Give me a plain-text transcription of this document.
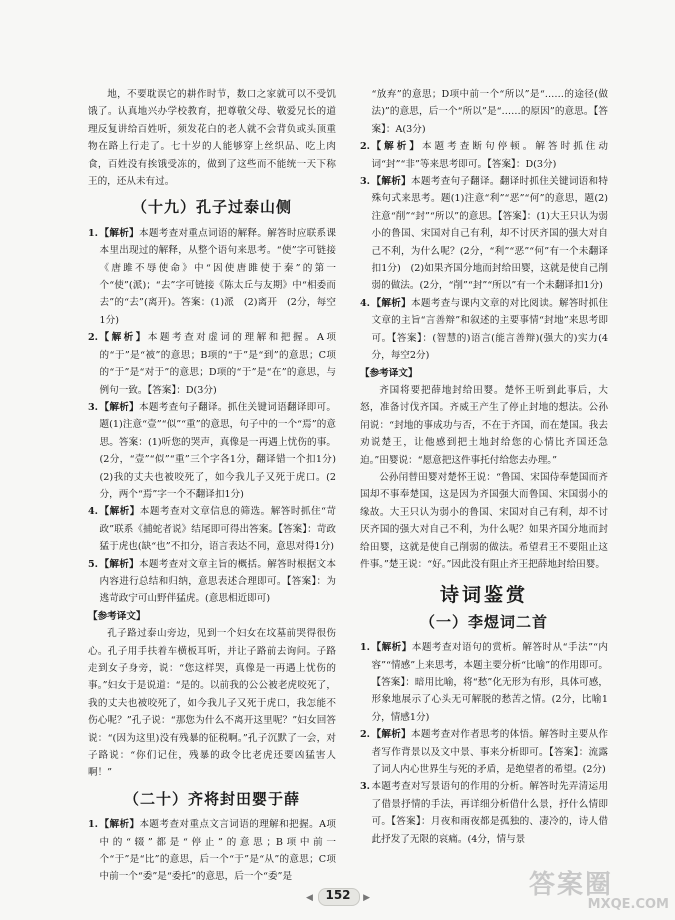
地，不要耽误它的耕作时节，数口之家就可以不受饥饿了。认真地兴办学校教育，把尊敬父母、敬爱兄长的道理反复讲给百姓听，须发花白的老人就不会背负或头顶重物在路上行走了。七十岁的人能够穿上丝织品、吃上肉食，百姓没有挨饿受冻的，做到了这些而不能统一天下称王的，还从未有过。

（十九）孔子过泰山侧
1. 【解析】本题考查对重点词语的解释。解答时应联系课本里出现过的解释，从整个语句来思考。“使”字可链接《唐雎不辱使命》中“因使唐雎使于秦”的第一个“使”(派)；“去”字可链接《陈太丘与友期》中“相委而去”的“去”(离开)。答案：(1)派　(2)离开　(2分，每空1分)
2. 【解析】本题考查对虚词的理解和把握。A项的“于”是“被”的意思；B项的“于”是“到”的意思；C项的“于”是“对于”的意思；D项的“于”是“在”的意思，与例句一致。【答案】：D(3分)
3. 【解析】本题考查句子翻译。抓住关键词语翻译即可。题(1)注意“壹”“似”“重”的意思，句子中的一个“焉”的意思。答案：(1)听您的哭声，真像是一再遇上忧伤的事。(2分，“壹”“似”“重”三个字各1分，翻译错一个扣1分)　(2)我的丈夫也被咬死了，如今我儿子又死于虎口。(2分，两个“焉”字一个不翻译扣1分)
4. 【解析】本题考查对文章信息的筛选。解答时抓住“苛政”联系《捕蛇者说》结尾即可得出答案。【答案】：苛政猛于虎也(缺“也”不扣分，语言表达不同，意思对得1分)
5. 【解析】本题考查对文章主旨的概括。解答时根据文本内容进行总结和归纳，意思表述合理即可。【答案】：为逃苛政宁可山野伴猛虎。(意思相近即可)
【参考译文】

孔子路过泰山旁边，见到一个妇女在坟墓前哭得很伤心。孔子用手扶着车横板耳听，并让子路前去询问。子路走到女子身旁，说：“您这样哭，真像是一再遇上忧伤的事。”妇女于是说道：“是的。以前我的公公被老虎咬死了，我的丈夫也被咬死了，如今我儿子又死于虎口，我怎能不伤心呢？”孔子说：“那您为什么不离开这里呢？”妇女回答说：“(因为这里)没有残暴的征税啊。”孔子沉默了一会，对子路说：“你们记住，残暴的政令比老虎还要凶猛害人啊！”

（二十）齐将封田婴于薛
1. 【解析】本题考查对重点文言词语的理解和把握。A项中的“辍”都是“停止”的意思；B项中前一个“于”是“比”的意思，后一个“于”是“从”的意思；C项中前一个“委”是“委托”的意思，后一个“委”是

“放弃”的意思；D项中前一个“所以”是“……的途径(做法)”的意思，后一个“所以”是“……的原因”的意思。【答案】：A(3分)

2. 【解析】本题考查断句停顿。解答时抓住动词“封”“非”等来思考即可。【答案】：D(3分)
3. 【解析】本题考查句子翻译。翻译时抓住关键词语和特殊句式来思考。题(1)注意“利”“恶”“何”的意思，题(2)注意“削”“封”“所以”的意思。【答案】：(1)大王只认为弱小的鲁国、宋国对自己有利，却不讨厌齐国的强大对自己不利，为什么呢？(2分，“利”“恶”“何”有一个未翻译扣1分)　(2)如果齐国分地而封给田婴，这就是使自己削弱的做法。(2分，“削”“封”“所以”有一个未翻译扣1分)
4. 【解析】本题考查与课内文章的对比阅读。解答时抓住文章的主旨“言善辩”和叙述的主要事情“封地”来思考即可。【答案】：(智慧的)语言(能言善辩)(强大的)实力(4分，每空2分)
【参考译文】

齐国将要把薛地封给田婴。楚怀王听到此事后，大怒，准备讨伐齐国。齐威王产生了停止封地的想法。公孙闬说：“封地的事成功与否，不在于齐国，而在楚国。我去劝说楚王，让他感到把土地封给您的心情比齐国还急迫。”田婴说：“愿意把这件事托付给您去办理。”

公孙闬替田婴对楚怀王说：“鲁国、宋国侍奉楚国而齐国却不事奉楚国，这是因为齐国强大而鲁国、宋国弱小的缘故。大王只认为弱小的鲁国、宋国对自己有利，却不讨厌齐国的强大对自己不利，为什么呢？如果齐国分地而封给田婴，这就是使自己削弱的做法。希望君王不要阻止这件事。”楚王说：“好。”因此没有阻止齐王把薛地封给田婴。

诗词鉴赏
（一）李煜词二首
1. 【解析】本题考查对语句的赏析。解答时从“手法”“内容”“情感”上来思考，本题主要分析“比喻”的作用即可。【答案】：暗用比喻，将“愁”化无形为有形，具体可感，形象地展示了心头无可解脱的愁苦之情。(2分，比喻1分，情感1分)
2. 【解析】本题考查对作者思考的体悟。解答时主要从作者写作背景以及文中景、事来分析即可。【答案】：流露了词人内心世界生与死的矛盾，是绝望者的希望。(2分)
3. 本题考查对写景语句的作用的分析。解答时先弄清运用了借景抒情的手法，再详细分析借什么景，抒什么情即可。【答案】：月夜和雨夜都是孤独的、凄冷的，诗人借此抒发了无限的哀痛。(4分，情与景
◀	152	▶	答案圈
MXQE.COM
